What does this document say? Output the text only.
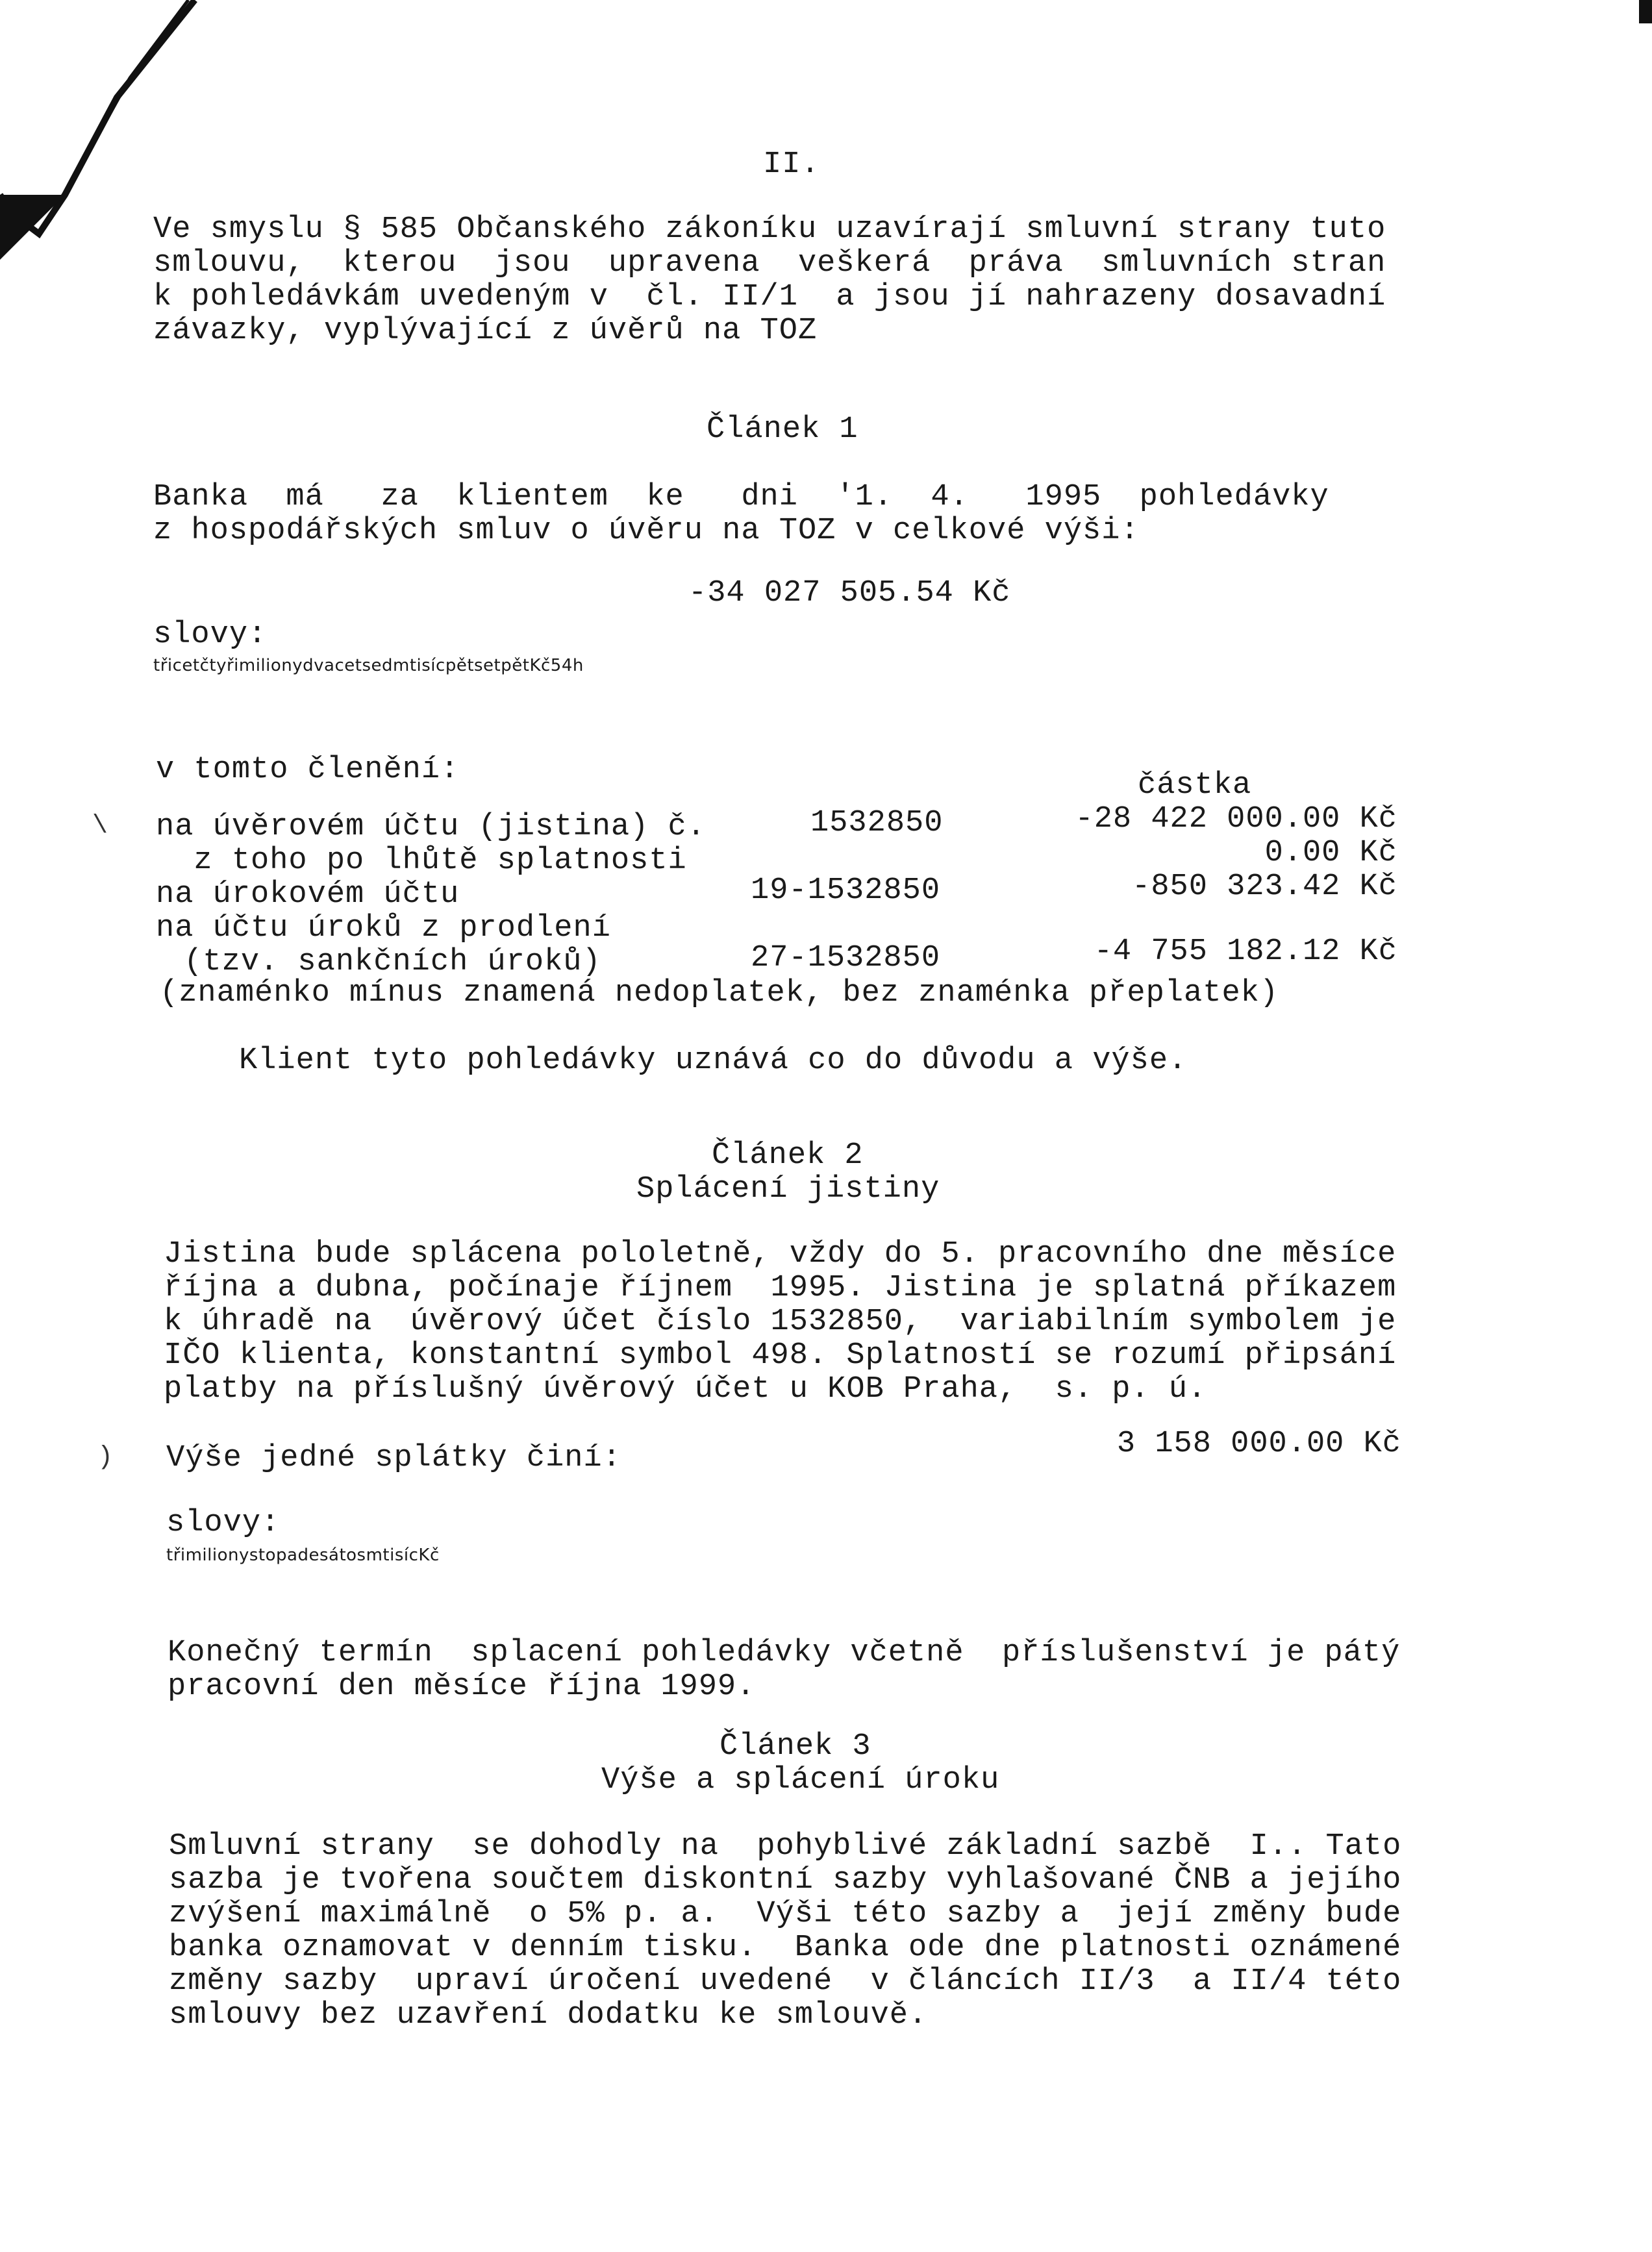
II.
Ve smyslu § 585 Občanského zákoníku uzavírají smluvní strany tuto
smlouvu,  kterou  jsou  upravena  veškerá  práva  smluvních stran
k pohledávkám uvedeným v  čl. II/1  a jsou jí nahrazeny dosavadní
závazky, vyplývající z úvěrů na TOZ
Článek 1
Banka  má   za  klientem  ke   dni  '1.  4.   1995  pohledávky
z hospodářských smluv o úvěru na TOZ v celkové výši:
-34 027 505.54 Kč
slovy:
třicetčtyřimilionydvacetsedmtisícpětsetpětKč54h
v tomto členění:	částka
na úvěrovém účtu (jistina) č.	1532850	-28 422 000.00 Kč
z toho po lhůtě splatnosti	0.00 Kč
na úrokovém účtu	19-1532850	-850 323.42 Kč
na účtu úroků z prodlení
(tzv. sankčních úroků)	27-1532850	-4 755 182.12 Kč
(znaménko mínus znamená nedoplatek, bez znaménka přeplatek)
Klient tyto pohledávky uznává co do důvodu a výše.
Článek 2
Splácení jistiny
Jistina bude splácena pololetně, vždy do 5. pracovního dne měsíce
října a dubna, počínaje říjnem  1995. Jistina je splatná příkazem
k úhradě na  úvěrový účet číslo 1532850,  variabilním symbolem je
IČO klienta, konstantní symbol 498. Splatností se rozumí připsání
platby na příslušný úvěrový účet u KOB Praha,  s. p. ú.
Výše jedné splátky činí:	3 158 000.00 Kč
slovy:
třimilionystopadesátosmtisícKč
Konečný termín  splacení pohledávky včetně  příslušenství je pátý
pracovní den měsíce října 1999.
Článek 3
Výše a splácení úroku
Smluvní strany  se dohodly na  pohyblivé základní sazbě  I.. Tato
sazba je tvořena součtem diskontní sazby vyhlašované ČNB a jejího
zvýšení maximálně  o 5% p. a.  Výši této sazby a  její změny bude
banka oznamovat v denním tisku.  Banka ode dne platnosti oznámené
změny sazby  upraví úročení uvedené  v článcích II/3  a II/4 této
smlouvy bez uzavření dodatku ke smlouvě.
\
)
